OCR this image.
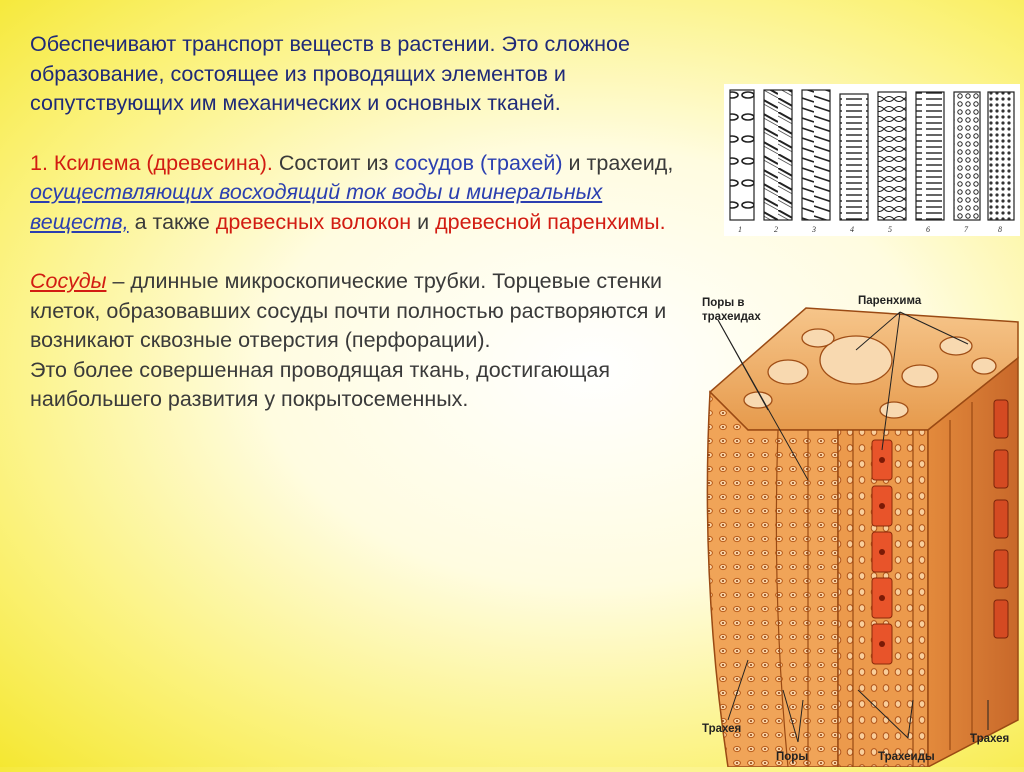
Обеспечивают транспорт веществ в растении. Это сложное образование, состоящее из проводящих элементов и сопутствующих им механических и основных тканей.

1. Ксилема (древесина). Состоит из сосудов (трахей) и трахеид, осуществляющих восходящий ток воды и минеральных веществ, а также древесных волокон и древесной паренхимы.

Сосуды – длинные микроскопические трубки. Торцевые стенки клеток, образовавших сосуды почти полностью растворяются и возникают сквозные отверстия (перфорации).

Это более совершенная проводящая ткань, достигающая наибольшего развития у покрытосеменных.

1	2	3	4	5	6	7	8
Поры в
трахеидах
Паренхима
Трахея
Поры	Трахеиды
Трахея
